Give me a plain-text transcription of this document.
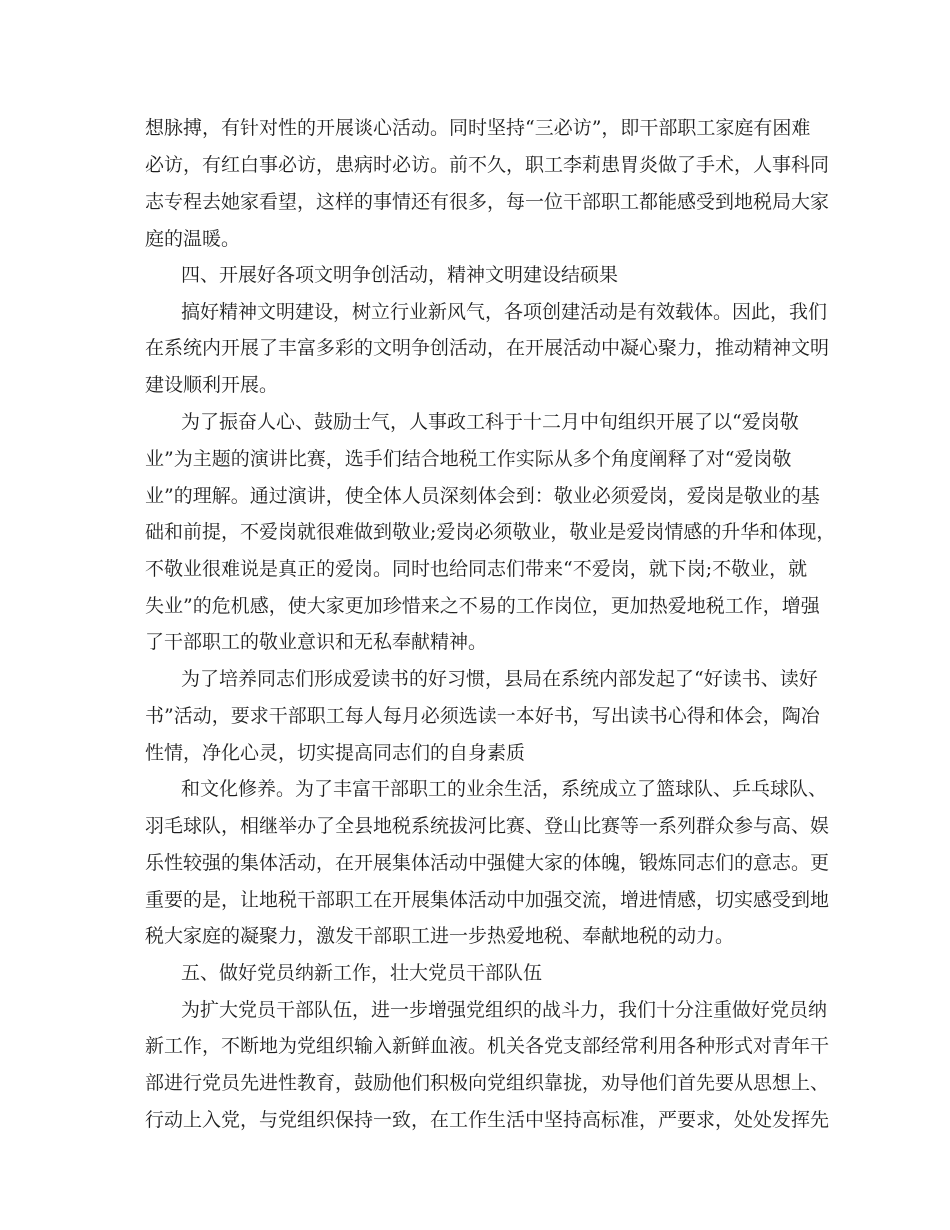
想脉搏，有针对性的开展谈心活动。同时坚持“三必访”，即干部职工家庭有困难
必访，有红白事必访，患病时必访。前不久，职工李莉患胃炎做了手术，人事科同
志专程去她家看望，这样的事情还有很多，每一位干部职工都能感受到地税局大家
庭的温暖。
四、开展好各项文明争创活动，精神文明建设结硕果
搞好精神文明建设，树立行业新风气，各项创建活动是有效载体。因此，我们
在系统内开展了丰富多彩的文明争创活动，在开展活动中凝心聚力，推动精神文明
建设顺利开展。
为了振奋人心、鼓励士气，人事政工科于十二月中旬组织开展了以“爱岗敬
业”为主题的演讲比赛，选手们结合地税工作实际从多个角度阐释了对“爱岗敬
业”的理解。通过演讲，使全体人员深刻体会到：敬业必须爱岗，爱岗是敬业的基
础和前提，不爱岗就很难做到敬业;爱岗必须敬业，敬业是爱岗情感的升华和体现，
不敬业很难说是真正的爱岗。同时也给同志们带来“不爱岗，就下岗;不敬业，就
失业”的危机感，使大家更加珍惜来之不易的工作岗位，更加热爱地税工作，增强
了干部职工的敬业意识和无私奉献精神。
为了培养同志们形成爱读书的好习惯，县局在系统内部发起了“好读书、读好
书”活动，要求干部职工每人每月必须选读一本好书，写出读书心得和体会，陶冶
性情，净化心灵，切实提高同志们的自身素质
和文化修养。为了丰富干部职工的业余生活，系统成立了篮球队、乒乓球队、
羽毛球队，相继举办了全县地税系统拔河比赛、登山比赛等一系列群众参与高、娱
乐性较强的集体活动，在开展集体活动中强健大家的体魄，锻炼同志们的意志。更
重要的是，让地税干部职工在开展集体活动中加强交流，增进情感，切实感受到地
税大家庭的凝聚力，激发干部职工进一步热爱地税、奉献地税的动力。
五、做好党员纳新工作，壮大党员干部队伍
为扩大党员干部队伍，进一步增强党组织的战斗力，我们十分注重做好党员纳
新工作，不断地为党组织输入新鲜血液。机关各党支部经常利用各种形式对青年干
部进行党员先进性教育，鼓励他们积极向党组织靠拢，劝导他们首先要从思想上、
行动上入党，与党组织保持一致，在工作生活中坚持高标准，严要求，处处发挥先
